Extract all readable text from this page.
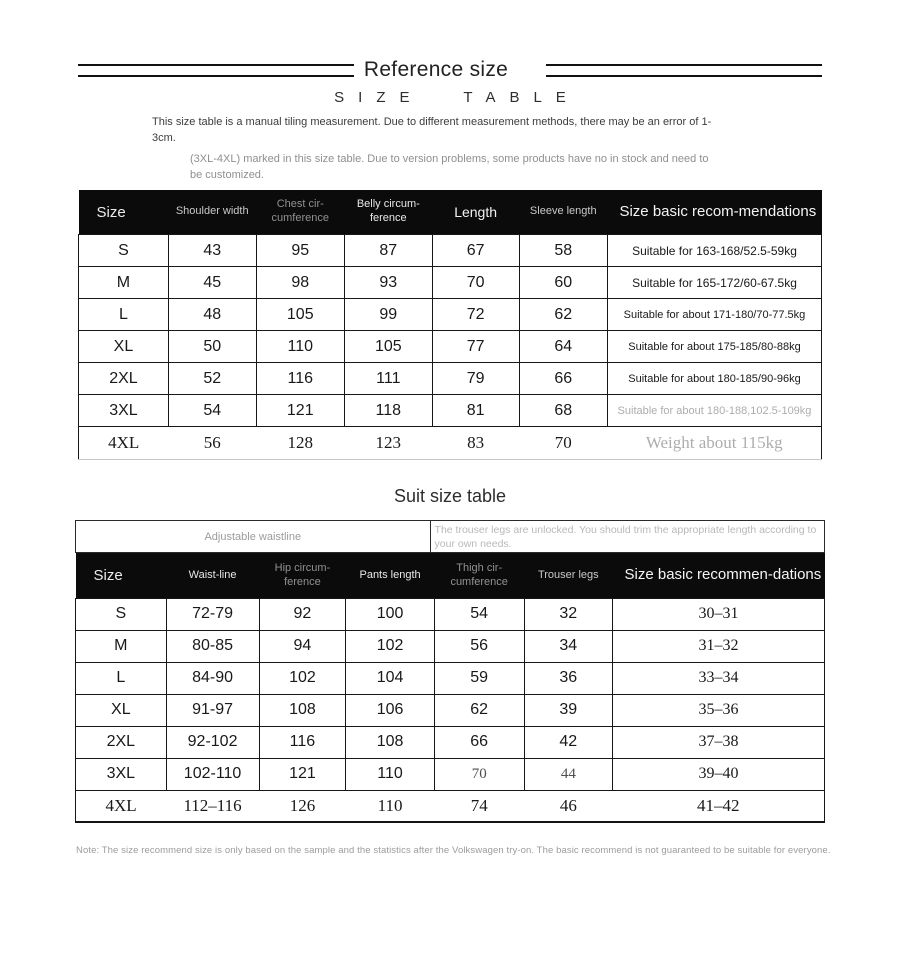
Reference size
SIZE TABLE
This size table is a manual tiling measurement. Due to different measurement methods, there may be an error of 1-3cm.
(3XL-4XL) marked in this size table. Due to version problems, some products have no in stock and need to be customized.
Size	Shoulder width	Chest cir-cumference	Belly circum-ference	Length	Sleeve length	Size basic recom-mendations
S	43	95	87	67	58	Suitable for 163-168/52.5-59kg
M	45	98	93	70	60	Suitable for 165-172/60-67.5kg
L	48	105	99	72	62	Suitable for about 171-180/70-77.5kg
XL	50	110	105	77	64	Suitable for about 175-185/80-88kg
2XL	52	116	111	79	66	Suitable for about 180-185/90-96kg
3XL	54	121	118	81	68	Suitable for about 180-188,102.5-109kg
4XL	56	128	123	83	70	Weight about 115kg
Suit size table
Adjustable waistline
The trouser legs are unlocked. You should trim the appropriate length according to your own needs.
Size	Waist-line	Hip circum-ference	Pants length	Thigh cir-cumference	Trouser legs	Size basic recommen-dations
S	72-79	92	100	54	32	30–31
M	80-85	94	102	56	34	31–32
L	84-90	102	104	59	36	33–34
XL	91-97	108	106	62	39	35–36
2XL	92-102	116	108	66	42	37–38
3XL	102-110	121	110	70	44	39–40
4XL	112–116	126	110	74	46	41–42
Note: The size recommend size is only based on the sample and the statistics after the Volkswagen try-on. The basic recommend is not guaranteed to be suitable for everyone.
